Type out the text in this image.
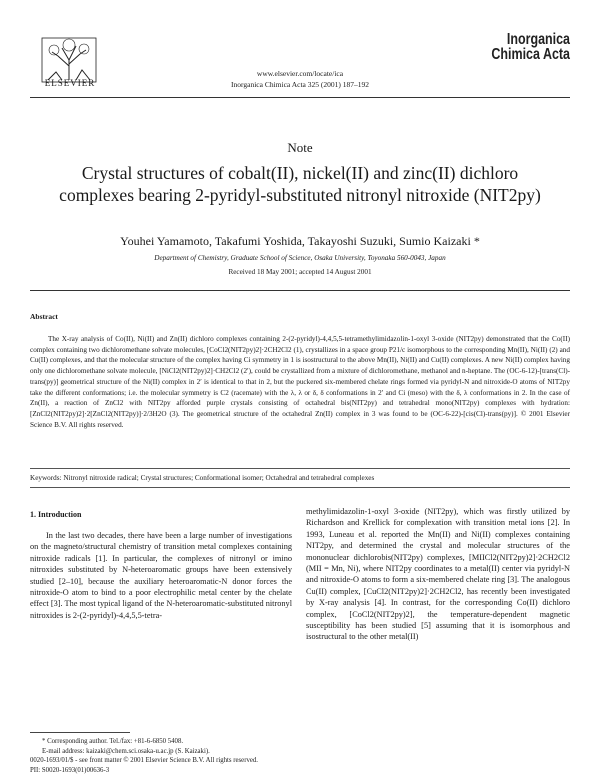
ELSEVIER
www.elsevier.com/locate/ica
Inorganica Chimica Acta 325 (2001) 187–192
Inorganica
Chimica Acta
Note
Crystal structures of cobalt(II), nickel(II) and zinc(II) dichloro complexes bearing 2-pyridyl-substituted nitronyl nitroxide (NIT2py)
Youhei Yamamoto, Takafumi Yoshida, Takayoshi Suzuki, Sumio Kaizaki *
Department of Chemistry, Graduate School of Science, Osaka University, Toyonaka 560-0043, Japan
Received 18 May 2001; accepted 14 August 2001
Abstract
The X-ray analysis of Co(II), Ni(II) and Zn(II) dichloro complexes containing 2-(2-pyridyl)-4,4,5,5-tetramethylimidazolin-1-oxyl 3-oxide (NIT2py) demonstrated that the Co(II) complex containing two dichloromethane solvate molecules, [CoCl2(NIT2py)2]·2CH2Cl2 (1), crystallizes in a space group P21/c isomorphous to the corresponding Mn(II), Ni(II) (2) and Cu(II) complexes, and that the molecular structure of the complex having Ci symmetry in 1 is isostructural to the above Mn(II), Ni(II) and Cu(II) complexes. A new Ni(II) complex having only one dichloromethane solvate molecule, [NiCl2(NIT2py)2]·CH2Cl2 (2′), could be crystallized from a mixture of dichloromethane, methanol and n-heptane. The (OC-6-12)-[trans(Cl)-trans(py)] geometrical structure of the Ni(II) complex in 2′ is identical to that in 2, but the puckered six-membered chelate rings formed via pyridyl-N and nitroxide-O atoms of NIT2py take the different conformations; i.e. the molecular symmetry is C2 (racemate) with the λ, λ or δ, δ conformations in 2′ and Ci (meso) with the δ, λ conformations in 2. In the case of Zn(II), a reaction of ZnCl2 with NIT2py afforded purple crystals consisting of octahedral bis(NIT2py) and tetrahedral mono(NIT2py) complexes with hydration: [ZnCl2(NIT2py)2]·2[ZnCl2(NIT2py)]·2/3H2O (3). The geometrical structure of the octahedral Zn(II) complex in 3 was found to be (OC-6-22)-[cis(Cl)-trans(py)]. © 2001 Elsevier Science B.V. All rights reserved.
Keywords: Nitronyl nitroxide radical; Crystal structures; Conformational isomer; Octahedral and tetrahedral complexes
1. Introduction

In the last two decades, there have been a large number of investigations on the magneto/structural chemistry of transition metal complexes containing nitroxide radicals [1]. In particular, the complexes of nitronyl or imino nitroxides substituted by N-heteroaromatic groups have been extensively studied [2–10], because the auxiliary heteroaromatic-N donor forces the nitroxide-O atom to bind to a poor electrophilic metal center by the chelate effect [3]. The most typical ligand of the N-heteroaromatic-substituted nitronyl nitroxides is 2-(2-pyridyl)-4,4,5,5-tetra-

methylimidazolin-1-oxyl 3-oxide (NIT2py), which was firstly utilized by Richardson and Krellick for complexation with transition metal ions [2]. In 1993, Luneau et al. reported the Mn(II) and Ni(II) complexes containing NIT2py, and determined the crystal and molecular structures of the mononuclear dichlorobis(NIT2py) complexes, [MIICl2(NIT2py)2]·2CH2Cl2 (MII = Mn, Ni), where NIT2py coordinates to a metal(II) center via pyridyl-N and nitroxide-O atoms to form a six-membered chelate ring [3]. The analogous Cu(II) complex, [CuCl2(NIT2py)2]·2CH2Cl2, has recently been investigated by X-ray analysis [4]. In contrast, for the corresponding Co(II) dichloro complex, [CoCl2(NIT2py)2], the temperature-dependent magnetic susceptibility has been studied [5] assuming that it is isomorphous and isostructural to the other metal(II)

* Corresponding author. Tel./fax: +81-6-6850 5408.
E-mail address: kaizaki@chem.sci.osaka-u.ac.jp (S. Kaizaki).
0020-1693/01/$ - see front matter © 2001 Elsevier Science B.V. All rights reserved.
PII: S0020-1693(01)00636-3
